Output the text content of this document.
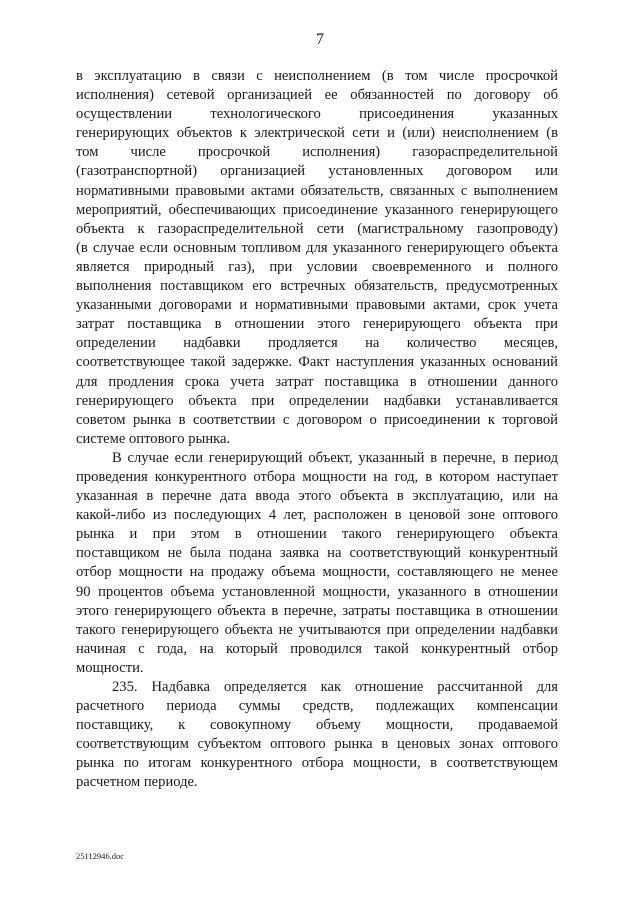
7
в эксплуатацию в связи с неисполнением (в том числе просрочкой
исполнения) сетевой организацией ее обязанностей по договору об
осуществлении технологического присоединения указанных
генерирующих объектов к электрической сети и (или) неисполнением (в
том числе просрочкой исполнения) газораспределительной
(газотранспортной) организацией установленных договором или
нормативными правовыми актами обязательств, связанных с выполнением
мероприятий, обеспечивающих присоединение указанного генерирующего
объекта к газораспределительной сети (магистральному газопроводу)
(в случае если основным топливом для указанного генерирующего объекта
является природный газ), при условии своевременного и полного
выполнения поставщиком его встречных обязательств, предусмотренных
указанными договорами и нормативными правовыми актами, срок учета
затрат поставщика в отношении этого генерирующего объекта при
определении надбавки продляется на количество месяцев,
соответствующее такой задержке. Факт наступления указанных оснований
для продления срока учета затрат поставщика в отношении данного
генерирующего объекта при определении надбавки устанавливается
советом рынка в соответствии с договором о присоединении к торговой
системе оптового рынка.
В случае если генерирующий объект, указанный в перечне, в период
проведения конкурентного отбора мощности на год, в котором наступает
указанная в перечне дата ввода этого объекта в эксплуатацию, или на
какой-либо из последующих 4 лет, расположен в ценовой зоне оптового
рынка и при этом в отношении такого генерирующего объекта
поставщиком не была подана заявка на соответствующий конкурентный
отбор мощности на продажу объема мощности, составляющего не менее
90 процентов объема установленной мощности, указанного в отношении
этого генерирующего объекта в перечне, затраты поставщика в отношении
такого генерирующего объекта не учитываются при определении надбавки
начиная с года, на который проводился такой конкурентный отбор
мощности.
235. Надбавка определяется как отношение рассчитанной для
расчетного периода суммы средств, подлежащих компенсации
поставщику, к совокупному объему мощности, продаваемой
соответствующим субъектом оптового рынка в ценовых зонах оптового
рынка по итогам конкурентного отбора мощности, в соответствующем
расчетном периоде.
25112946.doc
